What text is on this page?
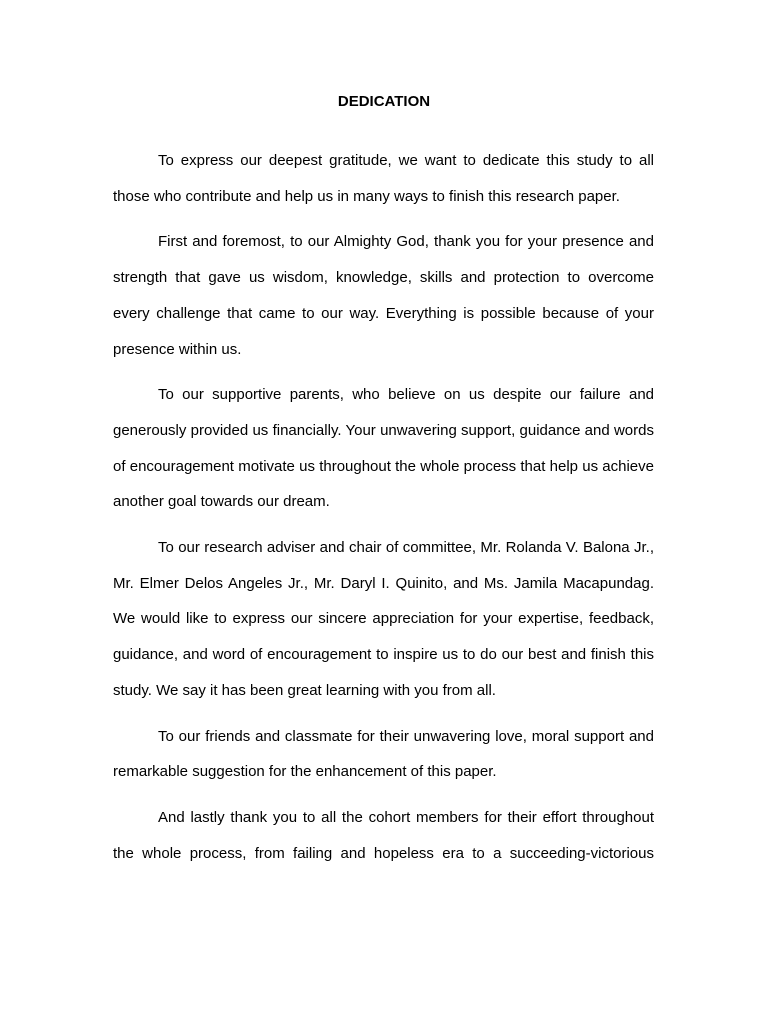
DEDICATION

To express our deepest gratitude, we want to dedicate this study to all those who contribute and help us in many ways to finish this research paper.

First and foremost, to our Almighty God, thank you for your presence and strength that gave us wisdom, knowledge, skills and protection to overcome every challenge that came to our way. Everything is possible because of your presence within us.

To our supportive parents, who believe on us despite our failure and generously provided us financially. Your unwavering support, guidance and words of encouragement motivate us throughout the whole process that help us achieve another goal towards our dream.

To our research adviser and chair of committee, Mr. Rolanda V. Balona Jr., Mr. Elmer Delos Angeles Jr., Mr. Daryl I. Quinito, and Ms. Jamila Macapundag. We would like to express our sincere appreciation for your expertise, feedback, guidance, and word of encouragement to inspire us to do our best and finish this study. We say it has been great learning with you from all.

To our friends and classmate for their unwavering love, moral support and remarkable suggestion for the enhancement of this paper.

And lastly thank you to all the cohort members for their effort throughout the whole process, from failing and hopeless era to a succeeding-victorious
